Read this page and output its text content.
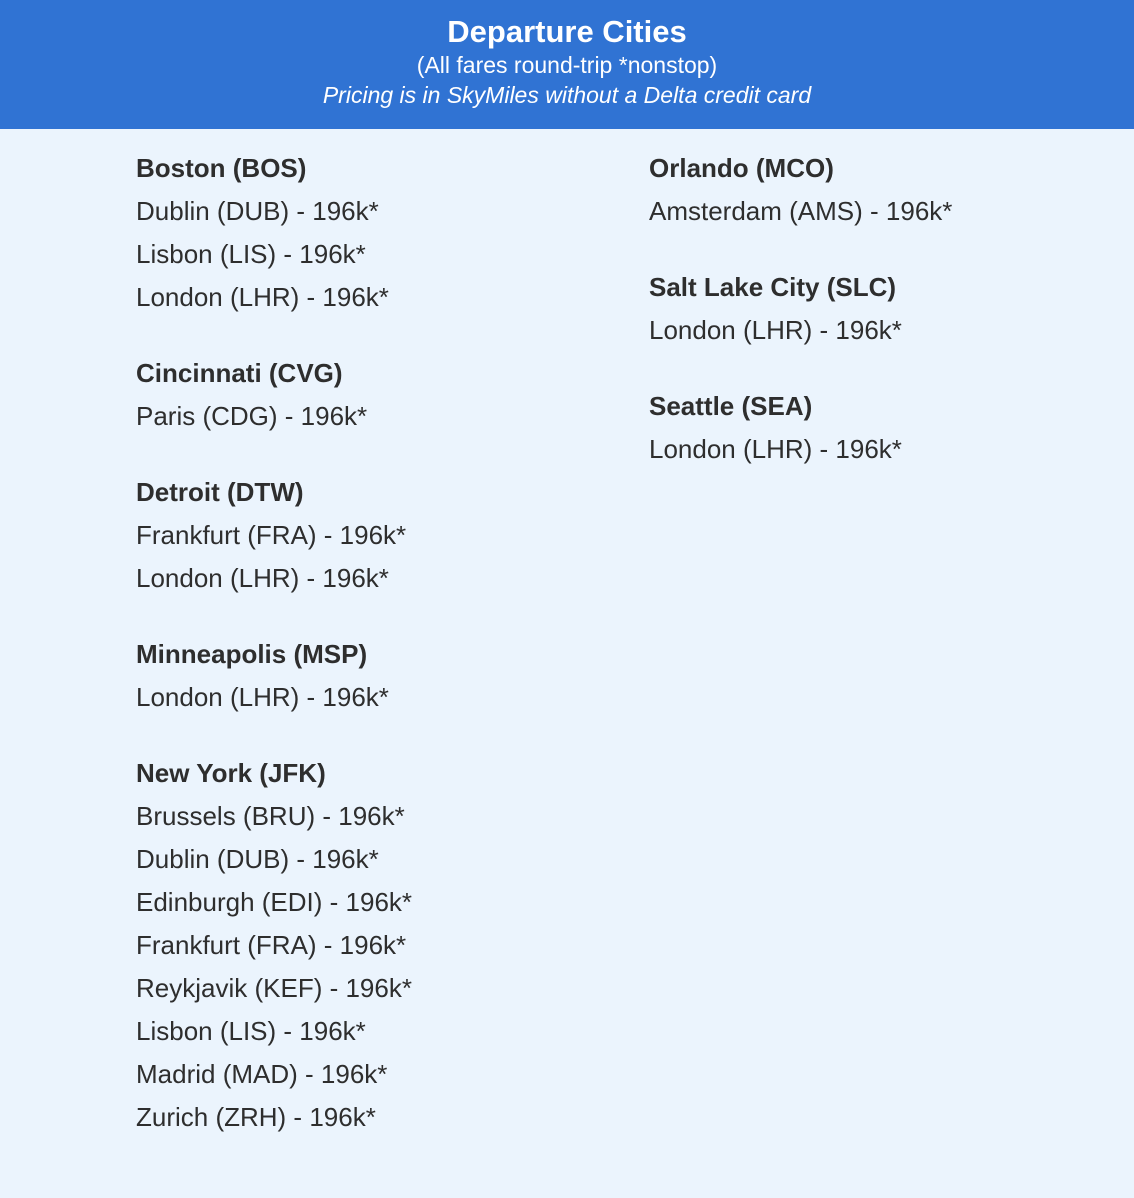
Departure Cities
(All fares round-trip *nonstop)
Pricing is in SkyMiles without a Delta credit card
Boston (BOS)
Dublin (DUB) - 196k*
Lisbon (LIS) - 196k*
London (LHR) - 196k*
Cincinnati (CVG)
Paris (CDG) - 196k*
Detroit (DTW)
Frankfurt (FRA) - 196k*
London (LHR) - 196k*
Minneapolis (MSP)
London (LHR) - 196k*
New York (JFK)
Brussels (BRU) - 196k*
Dublin (DUB) - 196k*
Edinburgh (EDI) - 196k*
Frankfurt (FRA) - 196k*
Reykjavik (KEF) - 196k*
Lisbon (LIS) - 196k*
Madrid (MAD) - 196k*
Zurich (ZRH) - 196k*
Orlando (MCO)
Amsterdam (AMS) - 196k*
Salt Lake City (SLC)
London (LHR) - 196k*
Seattle (SEA)
London (LHR) - 196k*
